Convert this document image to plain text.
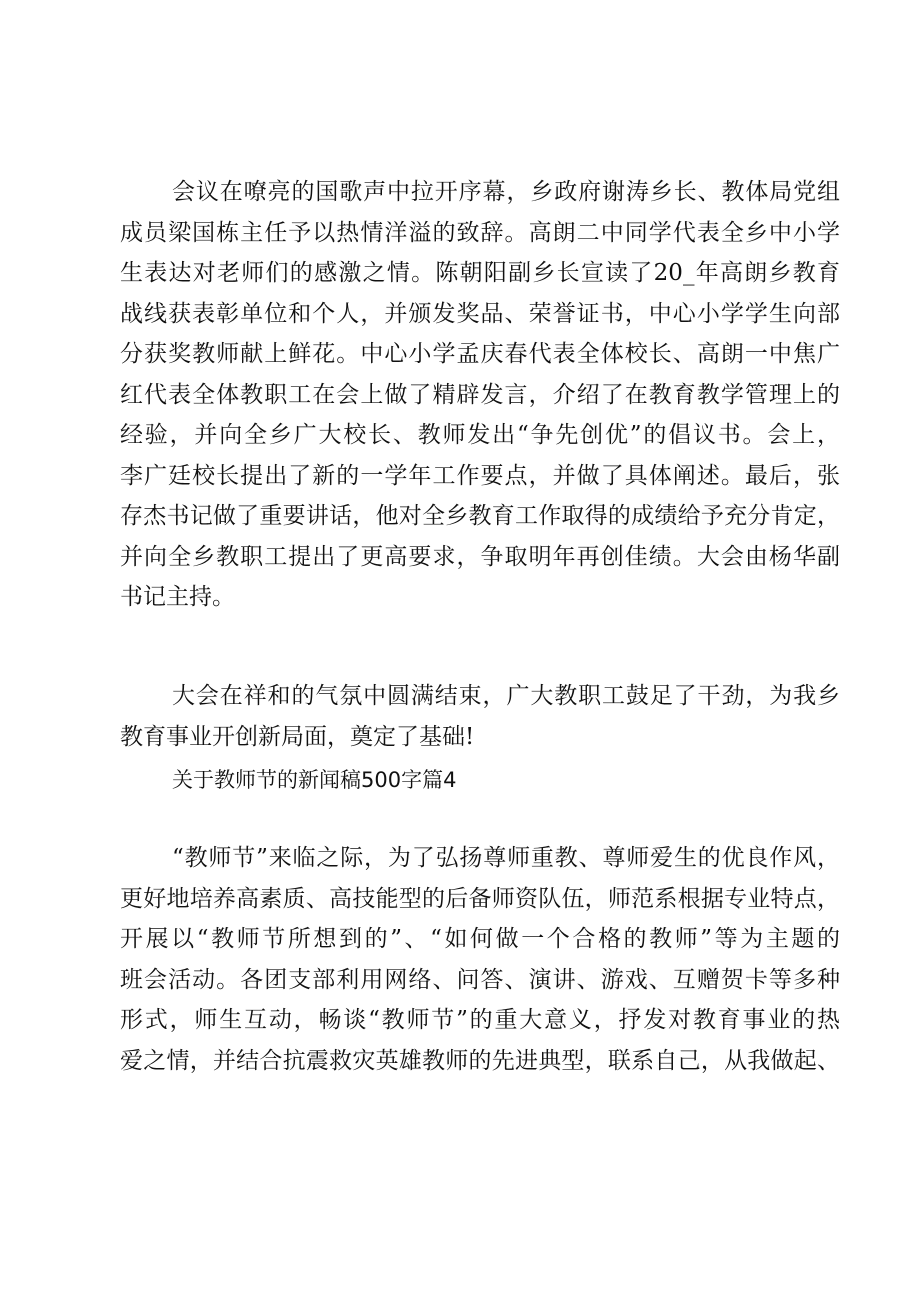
会议在嘹亮的国歌声中拉开序幕，乡政府谢涛乡长、教体局党组
成员梁国栋主任予以热情洋溢的致辞。高朗二中同学代表全乡中小学
生表达对老师们的感激之情。陈朝阳副乡长宣读了20_年高朗乡教育
战线获表彰单位和个人，并颁发奖品、荣誉证书，中心小学学生向部
分获奖教师献上鲜花。中心小学孟庆春代表全体校长、高朗一中焦广
红代表全体教职工在会上做了精辟发言，介绍了在教育教学管理上的
经验，并向全乡广大校长、教师发出“争先创优”的倡议书。会上，
李广廷校长提出了新的一学年工作要点，并做了具体阐述。最后，张
存杰书记做了重要讲话，他对全乡教育工作取得的成绩给予充分肯定，
并向全乡教职工提出了更高要求，争取明年再创佳绩。大会由杨华副
书记主持。

大会在祥和的气氛中圆满结束，广大教职工鼓足了干劲，为我乡
教育事业开创新局面，奠定了基础!

关于教师节的新闻稿500字篇4

“教师节”来临之际，为了弘扬尊师重教、尊师爱生的优良作风，
更好地培养高素质、高技能型的后备师资队伍，师范系根据专业特点，
开展以“教师节所想到的”、“如何做一个合格的教师”等为主题的
班会活动。各团支部利用网络、问答、演讲、游戏、互赠贺卡等多种
形式，师生互动，畅谈“教师节”的重大意义，抒发对教育事业的热
爱之情，并结合抗震救灾英雄教师的先进典型，联系自己，从我做起、
